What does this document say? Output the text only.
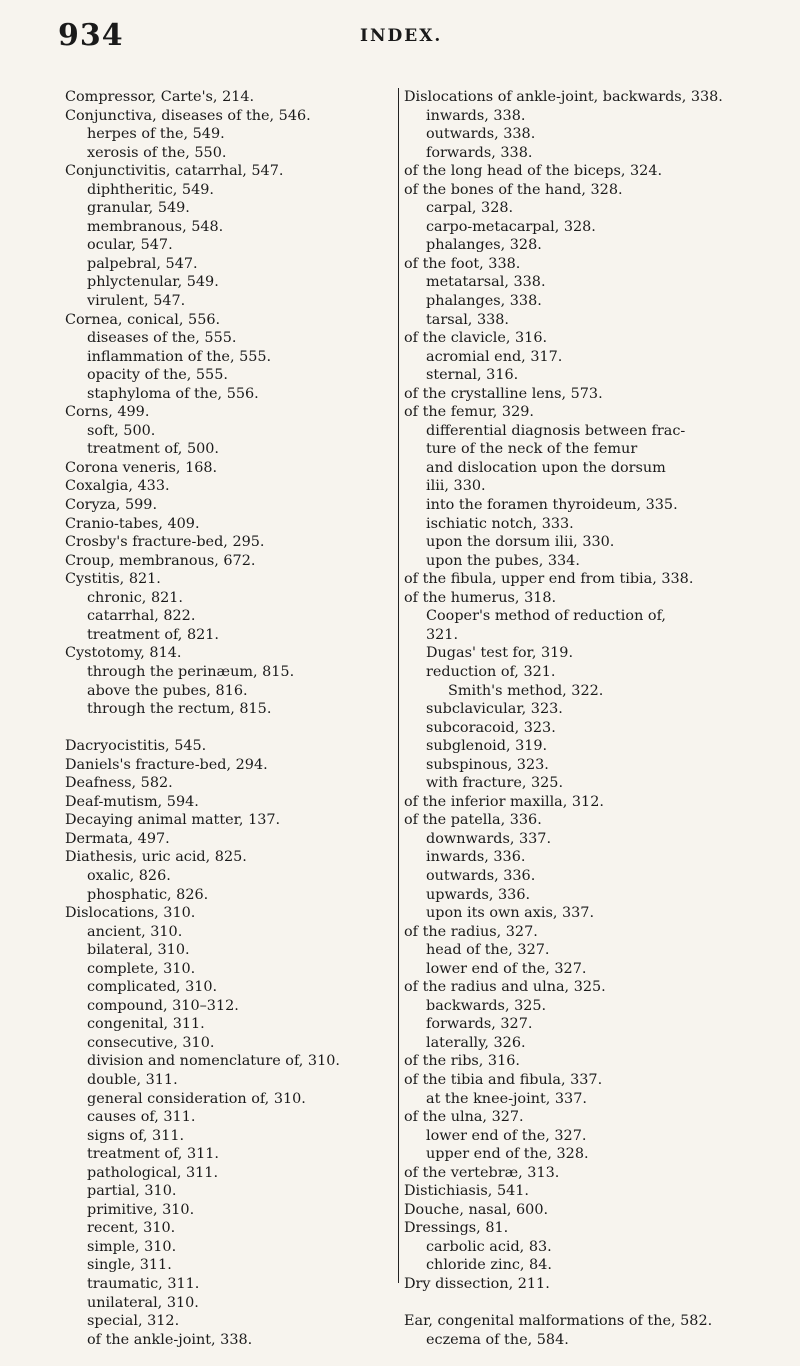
934	INDEX.
Compressor, Carte's, 214.
Conjunctiva, diseases of the, 546.
herpes of the, 549.
xerosis of the, 550.
Conjunctivitis, catarrhal, 547.
diphtheritic, 549.
granular, 549.
membranous, 548.
ocular, 547.
palpebral, 547.
phlyctenular, 549.
virulent, 547.
Cornea, conical, 556.
diseases of the, 555.
inflammation of the, 555.
opacity of the, 555.
staphyloma of the, 556.
Corns, 499.
soft, 500.
treatment of, 500.
Corona veneris, 168.
Coxalgia, 433.
Coryza, 599.
Cranio-tabes, 409.
Crosby's fracture-bed, 295.
Croup, membranous, 672.
Cystitis, 821.
chronic, 821.
catarrhal, 822.
treatment of, 821.
Cystotomy, 814.
through the perinæum, 815.
above the pubes, 816.
through the rectum, 815.
Dacryocistitis, 545.
Daniels's fracture-bed, 294.
Deafness, 582.
Deaf-mutism, 594.
Decaying animal matter, 137.
Dermata, 497.
Diathesis, uric acid, 825.
oxalic, 826.
phosphatic, 826.
Dislocations, 310.
ancient, 310.
bilateral, 310.
complete, 310.
complicated, 310.
compound, 310–312.
congenital, 311.
consecutive, 310.
division and nomenclature of, 310.
double, 311.
general consideration of, 310.
causes of, 311.
signs of, 311.
treatment of, 311.
pathological, 311.
partial, 310.
primitive, 310.
recent, 310.
simple, 310.
single, 311.
traumatic, 311.
unilateral, 310.
special, 312.
of the ankle-joint, 338.
Dislocations of ankle-joint, backwards, 338.
inwards, 338.
outwards, 338.
forwards, 338.
of the long head of the biceps, 324.
of the bones of the hand, 328.
carpal, 328.
carpo-metacarpal, 328.
phalanges, 328.
of the foot, 338.
metatarsal, 338.
phalanges, 338.
tarsal, 338.
of the clavicle, 316.
acromial end, 317.
sternal, 316.
of the crystalline lens, 573.
of the femur, 329.
differential diagnosis between frac-
ture of the neck of the femur
and dislocation upon the dorsum
ilii, 330.
into the foramen thyroideum, 335.
ischiatic notch, 333.
upon the dorsum ilii, 330.
upon the pubes, 334.
of the fibula, upper end from tibia, 338.
of the humerus, 318.
Cooper's method of reduction of,
321.
Dugas' test for, 319.
reduction of, 321.
Smith's method, 322.
subclavicular, 323.
subcoracoid, 323.
subglenoid, 319.
subspinous, 323.
with fracture, 325.
of the inferior maxilla, 312.
of the patella, 336.
downwards, 337.
inwards, 336.
outwards, 336.
upwards, 336.
upon its own axis, 337.
of the radius, 327.
head of the, 327.
lower end of the, 327.
of the radius and ulna, 325.
backwards, 325.
forwards, 327.
laterally, 326.
of the ribs, 316.
of the tibia and fibula, 337.
at the knee-joint, 337.
of the ulna, 327.
lower end of the, 327.
upper end of the, 328.
of the vertebræ, 313.
Distichiasis, 541.
Douche, nasal, 600.
Dressings, 81.
carbolic acid, 83.
chloride zinc, 84.
Dry dissection, 211.
Ear, congenital malformations of the, 582.
eczema of the, 584.
